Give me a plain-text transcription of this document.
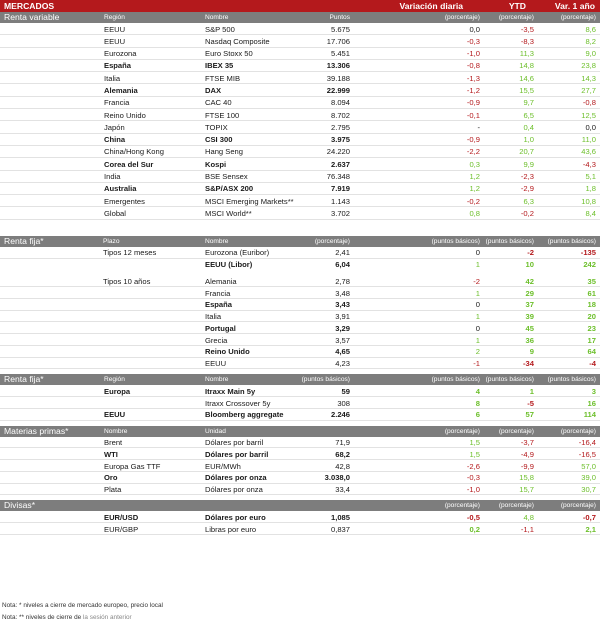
MERCADOS	Variación diaria	YTD	Var. 1 año
Renta variable	Región	Nombre	Puntos	(porcentaje)	(porcentaje)	(porcentaje)
EEUU	S&P 500	5.675	0,0	-3,5	8,6
EEUU	Nasdaq Composite	17.706	-0,3	-8,3	8,2
Eurozona	Euro Stoxx 50	5.451	-1,0	11,3	9,0
España	IBEX 35	13.306	-0,8	14,8	23,8
Italia	FTSE MIB	39.188	-1,3	14,6	14,3
Alemania	DAX	22.999	-1,2	15,5	27,7
Francia	CAC 40	8.094	-0,9	9,7	-0,8
Reino Unido	FTSE 100	8.702	-0,1	6,5	12,5
Japón	TOPIX	2.795	-	0,4	0,0
China	CSI 300	3.975	-0,9	1,0	11,0
China/Hong Kong	Hang Seng	24.220	-2,2	20,7	43,6
Corea del Sur	Kospi	2.637	0,3	9,9	-4,3
India	BSE Sensex	76.348	1,2	-2,3	5,1
Australia	S&P/ASX 200	7.919	1,2	-2,9	1,8
Emergentes	MSCI Emerging Markets**	1.143	-0,2	6,3	10,8
Global	MSCI World**	3.702	0,8	-0,2	8,4
Renta fija*	Plazo	Nombre	(porcentaje)	(puntos básicos) (puntos básicos) (puntos básicos)
Tipos 12 meses	Eurozona (Euribor)	2,41	0	-2	-135
EEUU (Libor)	6,04	1	10	242
Tipos 10 años	Alemania	2,78	-2	42	35
Francia	3,48	1	29	61
España	3,43	0	37	18
Italia	3,91	1	39	20
Portugal	3,29	0	45	23
Grecia	3,57	1	36	17
Reino Unido	4,65	2	9	64
EEUU	4,23	-1	-34	-4
Renta fija*	Región	Nombre	(puntos básicos)	(puntos básicos) (puntos básicos) (puntos básicos)
Europa	Itraxx Main 5y	59	4	1	3
Itraxx Crossover 5y	308	8	-5	16
EEUU	Bloomberg aggregate	2.246	6	57	114
Materias primas*	Nombre	Unidad	(porcentaje)	(porcentaje)	(porcentaje)
Brent	Dólares por barril	71,9	1,5	-3,7	-16,4
WTI	Dólares por barril	68,2	1,5	-4,9	-16,5
Europa Gas TTF	EUR/MWh	42,8	-2,6	-9,9	57,0
Oro	Dólares por onza	3.038,0	-0,3	15,8	39,0
Plata	Dólares por onza	33,4	-1,0	15,7	30,7
Divisas*	(porcentaje)	(porcentaje)	(porcentaje)
EUR/USD	Dólares por euro	1,085	-0,5	4,8	-0,7
EUR/GBP	Libras por euro	0,837	0,2	-1,1	2,1
Nota: * niveles a cierre de mercado europeo, precio local
Nota: ** niveles de cierre de la sesión anterior
